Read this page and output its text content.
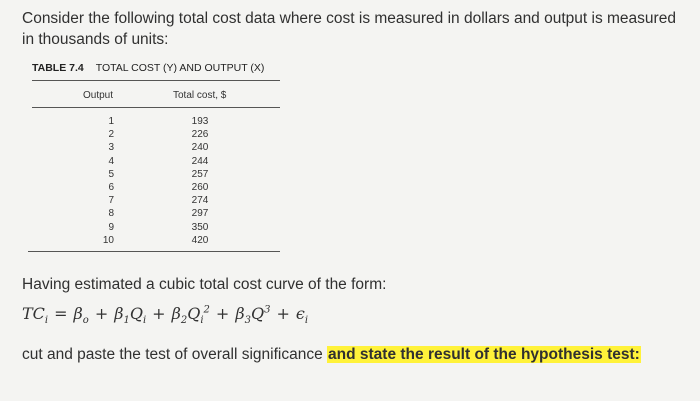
Consider the following total cost data where cost is measured in dollars and output is measured in thousands of units:
TABLE 7.4 TOTAL COST (Y) AND OUTPUT (X)
Output	Total cost, $
1
2
3
4
5
6
7
8
9
10
193
226
240
244
257
260
274
297
350
420
Having estimated a cubic total cost curve of the form:
$TC_i = \beta_o + \beta_1Q_i + \beta_2Q_i^2 + \beta_3Q^3 + \epsilon_i$
cut and paste the test of overall significance and state the result of the hypothesis test:
